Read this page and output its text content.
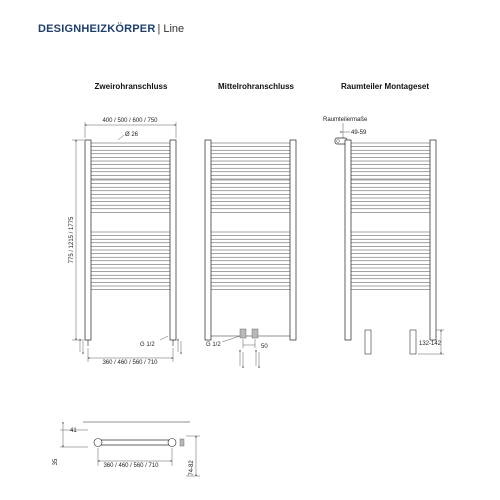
DESIGNHEIZKÖRPER | Line
Zweirohranschluss	Mittelrohranschluss	Raumteiler Montageset
400 / 500 / 600 / 750
Ø 26
775 / 1215 / 1775
G 1/2
360 / 460 / 560 / 710
G 1/2	50
Raumteilermaße
49-59
132-142
41
35
360 / 460 / 560 / 710	74-82
